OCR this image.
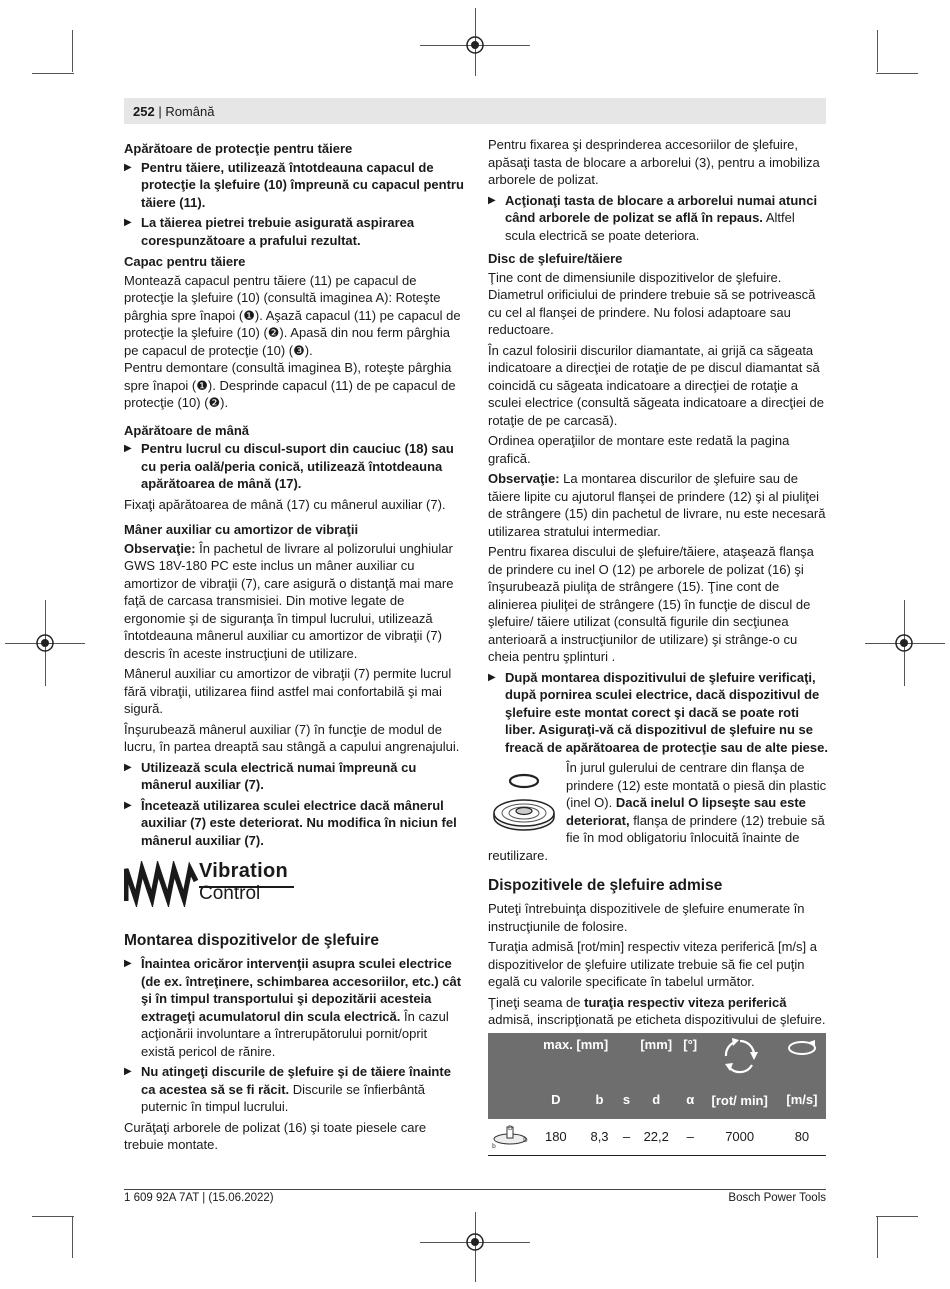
252 | Română
Apărătoare de protecţie pentru tăiere
▶ Pentru tăiere, utilizează întotdeauna capacul de protecţie la şlefuire (10) împreună cu capacul pentru tăiere (11).
▶ La tăierea pietrei trebuie asigurată aspirarea corespunzătoare a prafului rezultat.
Capac pentru tăiere

Montează capacul pentru tăiere (11) pe capacul de protecţie la şlefuire (10) (consultă imaginea A): Roteşte pârghia spre înapoi (❶). Aşază capacul (11) pe capacul de protecţie la şlefuire (10) (❷). Apasă din nou ferm pârghia pe capacul de protecţie (10) (❸).

Pentru demontare (consultă imaginea B), roteşte pârghia spre înapoi (❶). Desprinde capacul (11) de pe capacul de protecţie (10) (❷).

Apărătoare de mână
▶ Pentru lucrul cu discul-suport din cauciuc (18) sau cu peria oală/peria conică, utilizează întotdeauna apărătoarea de mână (17).

Fixaţi apărătoarea de mână (17) cu mânerul auxiliar (7).

Mâner auxiliar cu amortizor de vibraţii

Observaţie: În pachetul de livrare al polizorului unghiular GWS 18V-180 PC este inclus un mâner auxiliar cu amortizor de vibraţii (7), care asigură o distanţă mai mare faţă de carcasa transmisiei. Din motive legate de ergonomie şi de siguranţa în timpul lucrului, utilizează întotdeauna mânerul auxiliar cu amortizor de vibraţii (7) descris în aceste instrucţiuni de utilizare.

Mânerul auxiliar cu amortizor de vibraţii (7) permite lucrul fără vibraţii, utilizarea fiind astfel mai confortabilă şi mai sigură.

Înşurubează mânerul auxiliar (7) în funcţie de modul de lucru, în partea dreaptă sau stângă a capului angrenajului.

▶ Utilizează scula electrică numai împreună cu mânerul auxiliar (7).
▶ Încetează utilizarea sculei electrice dacă mânerul auxiliar (7) este deteriorat. Nu modifica în niciun fel mânerul auxiliar (7).
Vibration
Control
Montarea dispozitivelor de şlefuire
▶ Înaintea oricăror intervenţii asupra sculei electrice (de ex. întreţinere, schimbarea accesoriilor, etc.) cât şi în timpul transportului şi depozitării acesteia extrageţi acumulatorul din scula electrică. În cazul acţionării involuntare a întrerupătorului pornit/oprit există pericol de rănire.
▶ Nu atingeţi discurile de şlefuire şi de tăiere înainte ca acestea să se fi răcit. Discurile se înfierbântă puternic în timpul lucrului.

Curăţaţi arborele de polizat (16) şi toate piesele care trebuie montate.

Pentru fixarea şi desprinderea accesoriilor de şlefuire, apăsaţi tasta de blocare a arborelui (3), pentru a imobiliza arborele de polizat.

▶ Acţionaţi tasta de blocare a arborelui numai atunci când arborele de polizat se află în repaus. Altfel scula electrică se poate deteriora.
Disc de şlefuire/tăiere

Ţine cont de dimensiunile dispozitivelor de şlefuire. Diametrul orificiului de prindere trebuie să se potrivească cu cel al flanşei de prindere. Nu folosi adaptoare sau reductoare.

În cazul folosirii discurilor diamantate, ai grijă ca săgeata indicatoare a direcţiei de rotaţie de pe discul diamantat să coincidă cu săgeata indicatoare a direcţiei de rotaţie a sculei electrice (consultă săgeata indicatoare a direcţiei de rotaţie de pe carcasă).

Ordinea operaţiilor de montare este redată la pagina grafică.

Observaţie: La montarea discurilor de şlefuire sau de tăiere lipite cu ajutorul flanşei de prindere (12) şi al piuliţei de strângere (15) din pachetul de livrare, nu este necesară utilizarea stratului intermediar.

Pentru fixarea discului de şlefuire/tăiere, ataşează flanşa de prindere cu inel O (12) pe arborele de polizat (16) şi înşurubează piuliţa de strângere (15). Ţine cont de alinierea piuliţei de strângere (15) în funcţie de discul de şlefuire/ tăiere utilizat (consultă figurile din secţiunea anterioară a instrucţiunilor de utilizare) şi strânge-o cu cheia pentru şplinturi .

▶ După montarea dispozitivului de şlefuire verificaţi, după pornirea sculei electrice, dacă dispozitivul de şlefuire este montat corect şi dacă se poate roti liber. Asiguraţi-vă că dispozitivul de şlefuire nu se freacă de apărătoarea de protecţie sau de alte piese.
În jurul gulerului de centrare din flanşa de prindere (12) este montată o piesă din plastic (inel O). Dacă inelul O lipseşte sau este deteriorat, flanşa de prindere (12) trebuie să fie în mod obligatoriu înlocuită înainte de reutilizare.
Dispozitivele de şlefuire admise

Puteţi întrebuinţa dispozitivele de şlefuire enumerate în instrucţiunile de folosire.

Turaţia admisă [rot/min] respectiv viteza periferică [m/s] a dispozitivelor de şlefuire utilizate trebuie să fie cel puţin egală cu valorile specificate în tabelul următor.

Ţineţi seama de turaţia respectiv viteza periferică admisă, inscripţionată pe eticheta dispozitivului de şlefuire.

	max. [mm]			[mm]	[°]		
	D	b	s	d	α	[rot/ min]	[m/s]

D
b
D	180	8,3	–	22,2	–	7000	80
1 609 92A 7AT | (15.06.2022)	Bosch Power Tools
